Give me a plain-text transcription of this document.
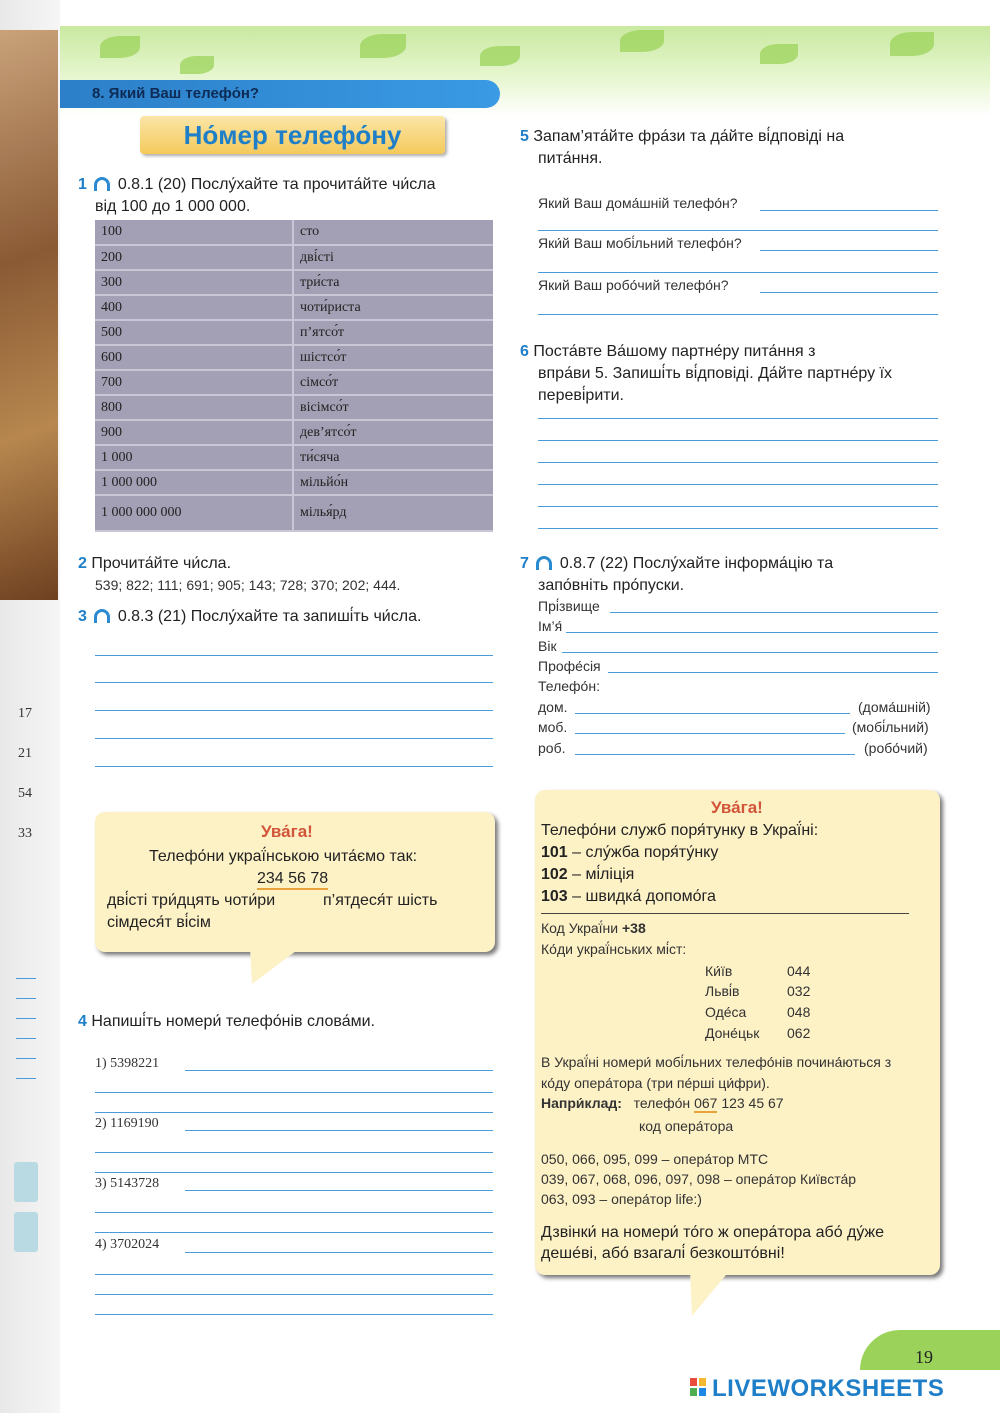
17
21
54
33
8. Який Ваш телефо́н?
Но́мер телефо́ну
1 0.8.1 (20) Послу́хайте та прочита́йте чи́сла
від 100 до 1 000 000.
100	сто
200	дві́сті
300	три́ста
400	чоти́риста
500	п’ятсо́т
600	шістсо́т
700	сімсо́т
800	вісімсо́т
900	дев’ятсо́т
1 000	ти́сяча
1 000 000	мільйо́н
1 000 000 000	мілья́рд
2 Прочита́йте чи́сла.
539; 822; 111; 691; 905; 143; 728; 370; 202; 444.
3 0.8.3 (21) Послу́хайте та запиші́ть чи́сла.
Ува́га!
Телефо́ни украї́нською чита́ємо так:
234 56 78
дві́сті три́дцять чоти́ри	п’ятдеся́т шість
сімдеся́т ві́сім
4 Напиші́ть номери́ телефо́нів слова́ми.
1) 5398221
2) 1169190
3) 5143728
4) 3702024
5 Запам’ята́йте фра́зи та да́йте ві́дповіді на
пита́ння.
Який Ваш дома́шній телефо́н?
Яки́й Ваш мобі́льний телефо́н?
Який Ваш робо́чий телефо́н?
6 Поста́вте Ва́шому партне́ру пита́ння з
впра́ви 5. Запиші́ть ві́дповіді. Да́йте партне́ру їх
переві́рити.
7 0.8.7 (22) Послу́хайте інформа́цію та
запо́вніть про́пуски.
Прі́звище
Ім’я́
Вік
Профе́сія
Телефо́н:
дом.	(дома́шній)
моб.	(мобі́льний)
роб.	(робо́чий)
Ува́га!
Телефо́ни служб поря́тунку в Украї́ні:
101 – слу́жба поря́ту́нку
102 – мі́ліція
103 – швидка́ допомо́га
Код Украї́ни +38
Ко́ди украї́нських мі́ст:
Ки́їв	044
Льві́в	032
Оде́са	048
Доне́цьк 062
В Украї́ні номери́ мобі́льних телефо́нів почина́ються з
ко́ду опера́тора (три пе́рші ци́фри).
Напри́клад: телефо́н 067 123 45 67
код опера́тора
050, 066, 095, 099 – опера́тор МТС
039, 067, 068, 096, 097, 098 – опера́тор Київста́р
063, 093 – опера́тор life:)
Дзвінки́ на номери́ то́го ж опера́тора або́ ду́же
деше́ві, або́ взагалі́ безкошто́вні!
19
LIVEWORKSHEETS
